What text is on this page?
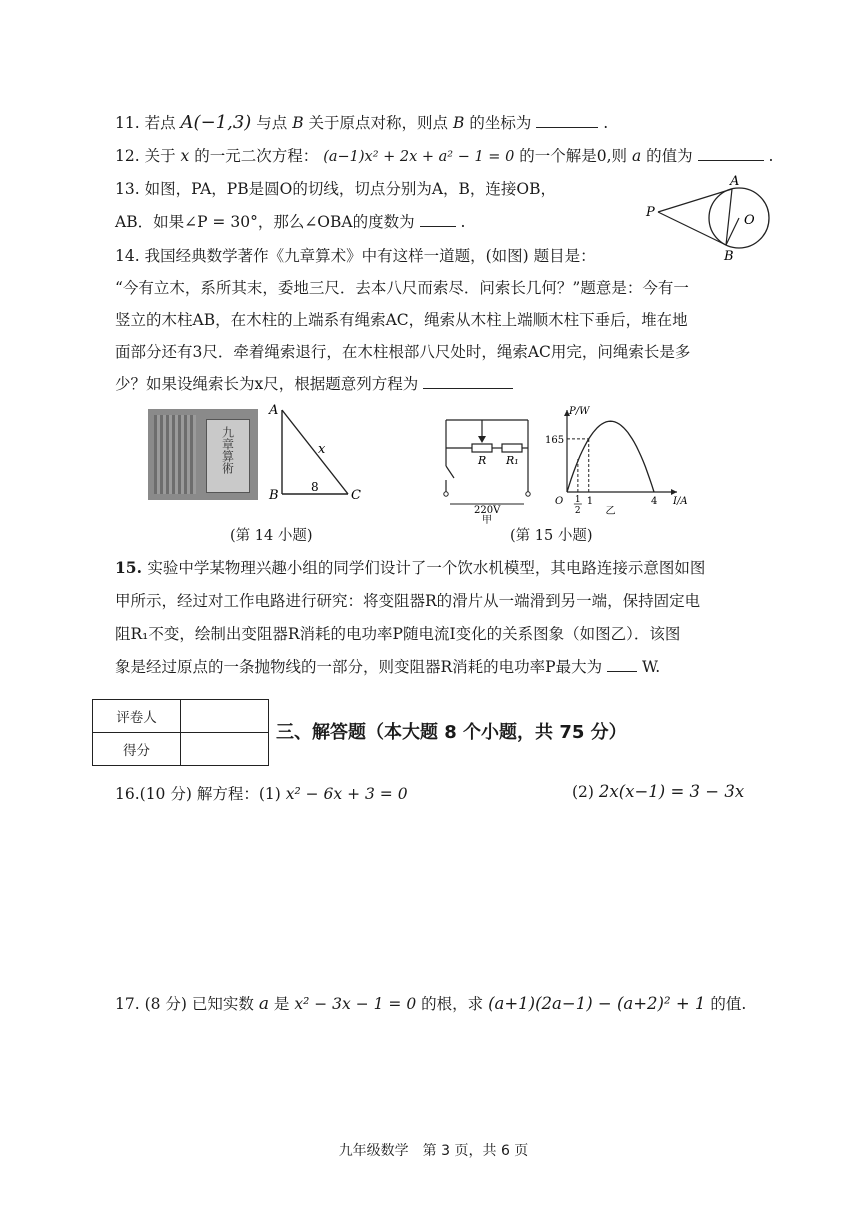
11. 若点 A(−1,3) 与点 B 关于原点对称，则点 B 的坐标为	.
12. 关于 x 的一元二次方程： (a−1)x² + 2x + a² − 1 = 0 的一个解是0,则 a 的值为	.
13. 如图，PA，PB是圆O的切线，切点分别为A，B，连接OB，
AB．如果∠P = 30°，那么∠OBA的度数为	.
P
A
O
B
14. 我国经典数学著作《九章算术》中有这样一道题，(如图) 题目是：
“今有立木，系所其末，委地三尺．去本八尺而索尽．问索长几何？”题意是：今有一
竖立的木柱AB，在木柱的上端系有绳索AC，绳索从木柱上端顺木柱下垂后，堆在地
面部分还有3尺．牵着绳索退行，在木柱根部八尺处时，绳索AC用完，问绳索长是多
少？如果设绳索长为x尺，根据题意列方程为
九章算術
A
B	C
x
8
(第 14 小题)
R R₁
220V
甲
P/W
I/A
165
O 1
2
1	4
乙
(第 15 小题)
15. 实验中学某物理兴趣小组的同学们设计了一个饮水机模型，其电路连接示意图如图
甲所示，经过对工作电路进行研究：将变阻器R的滑片从一端滑到另一端，保持固定电
阻R₁不变，绘制出变阻器R消耗的电功率P随电流I变化的关系图象（如图乙）．该图
象是经过原点的一条抛物线的一部分，则变阻器R消耗的电功率P最大为	W.
评卷人	
得分	
三、解答题（本大题 8 个小题，共 75 分）
16.(10 分) 解方程：(1) x² − 6x + 3 = 0	(2) 2x(x−1) = 3 − 3x
17. (8 分) 已知实数 a 是 x² − 3x − 1 = 0 的根，求 (a+1)(2a−1) − (a+2)² + 1 的值.
九年级数学　第 3 页，共 6 页
